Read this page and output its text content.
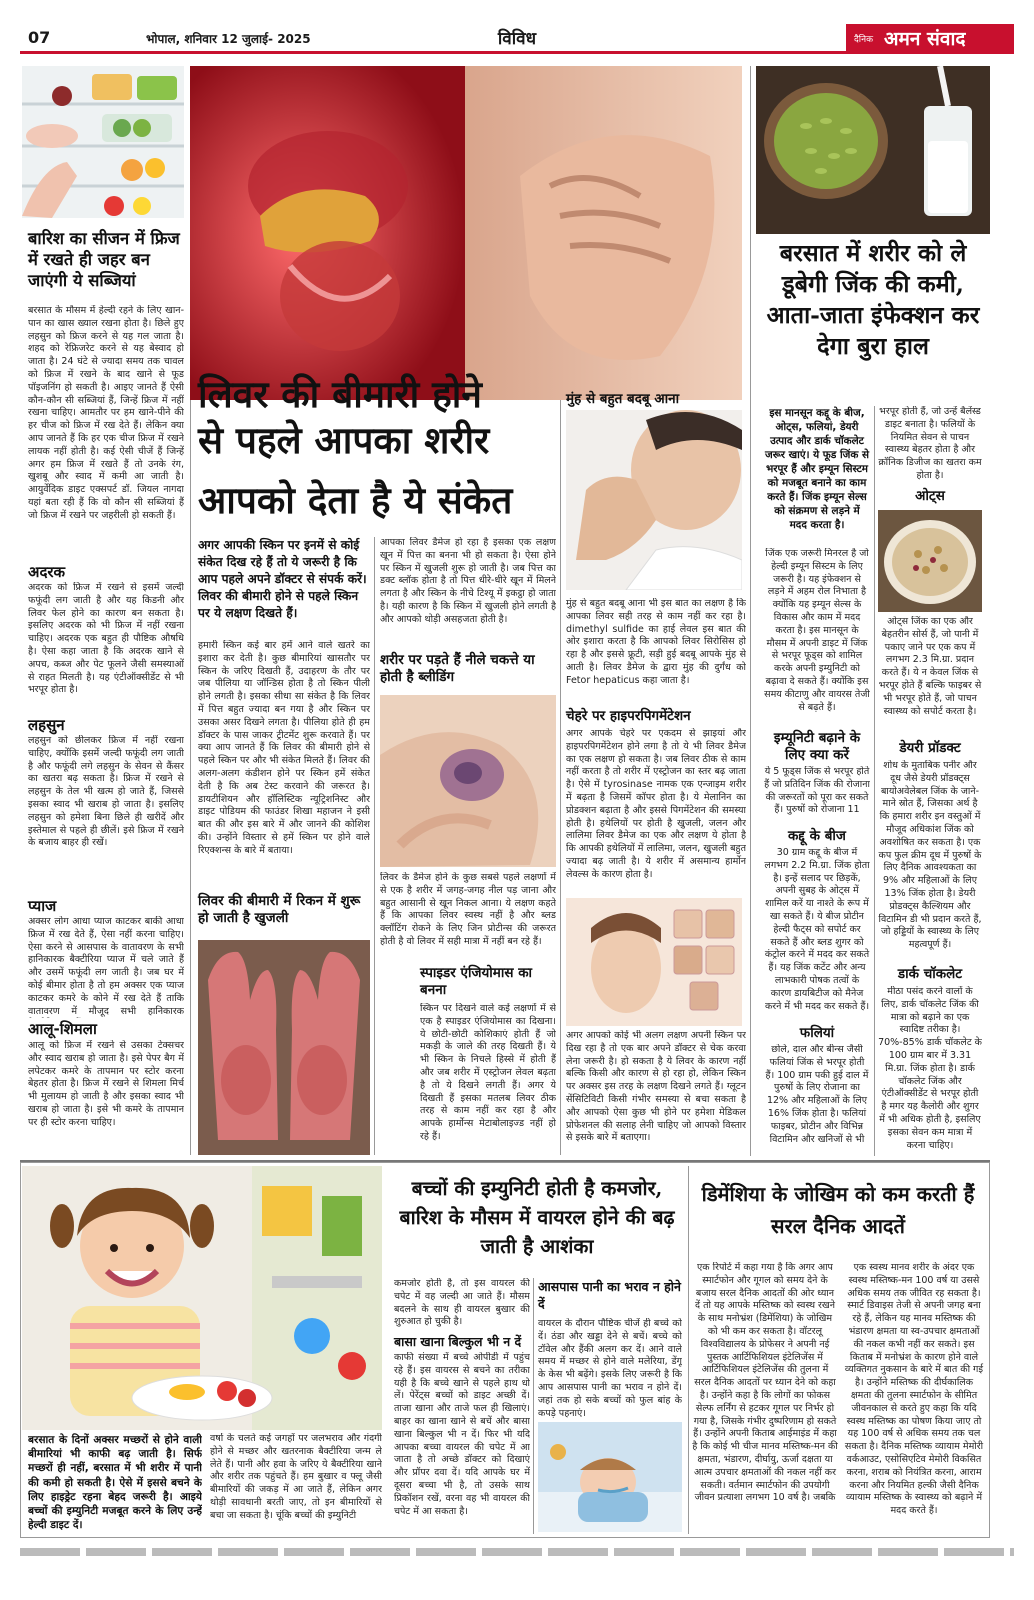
07	भोपाल, शनिवार 12 जुलाई- 2025	विविध	दैनिक अमन संवाद
बारिश का सीजन में फ्रिज में रखते ही जहर बन जाएंगी ये सब्जियां
बरसात के मौसम में हेल्दी रहने के लिए खान-पान का खास ख्याल रखना होता है। छिले हुए लहसुन को फ्रिज करने से यह गल जाता है। शहद को रेफ्रिजरेट करने से यह बेस्वाद हो जाता है। 24 घंटे से ज्यादा समय तक चावल को फ्रिज में रखने के बाद खाने से फूड पॉइजनिंग हो सकती है। आइए जानते हैं ऐसी कौन-कौन सी सब्जियां हैं, जिन्हें फ्रिज में नहीं रखना चाहिए। आमतौर पर हम खाने-पीने की हर चीज को फ्रिज में रख देते हैं। लेकिन क्या आप जानते हैं कि हर एक चीज फ्रिज में रखने लायक नहीं होती है। कई ऐसी चीजें हैं जिन्हें अगर हम फ्रिज में रखते हैं तो उनके रंग, खुशबू और स्वाद में कमी आ जाती है। आयुर्वेदिक डाइट एक्सपर्ट डॉ. जियल नागदा यहां बता रही हैं कि वो कौन सी सब्जियां हैं जो फ्रिज में रखने पर जहरीली हो सकती हैं।
अदरक
अदरक को फ्रिज में रखने से इसमें जल्दी फफूंदी लग जाती है और यह किडनी और लिवर फेल होने का कारण बन सकता है। इसलिए अदरक को भी फ्रिज में नहीं रखना चाहिए। अदरक एक बहुत ही पौष्टिक औषधि है। ऐसा कहा जाता है कि अदरक खाने से अपच, कब्ज और पेट फूलने जैसी समस्याओं से राहत मिलती है। यह एंटीऑक्सीडेंट से भी भरपूर होता है।
लहसुन
लहसुन को छीलकर फ्रिज में नहीं रखना चाहिए, क्योंकि इसमें जल्दी फफूंदी लग जाती है और फफूंदी लगे लहसुन के सेवन से कैंसर का खतरा बढ़ सकता है। फ्रिज में रखने से लहसुन के तेल भी खत्म हो जाते हैं, जिससे इसका स्वाद भी खराब हो जाता है। इसलिए लहसुन को हमेशा बिना छिले ही खरीदें और इस्तेमाल से पहले ही छीलें। इसे फ्रिज में रखने के बजाय बाहर ही रखें।
प्याज
अक्सर लोग आधा प्याज काटकर बाकी आधा फ्रिज में रख देते हैं, ऐसा नहीं करना चाहिए। ऐसा करने से आसपास के वातावरण के सभी हानिकारक बैक्टीरिया प्याज में चले जाते हैं और उसमें फफूंदी लग जाती है। जब घर में कोई बीमार होता है तो हम अक्सर एक प्याज काटकर कमरे के कोने में रख देते हैं ताकि वातावरण में मौजूद सभी हानिकारक
आलू-शिमला
आलू को फ्रिज में रखने से उसका टेक्सचर और स्वाद खराब हो जाता है। इसे पेपर बैग में लपेटकर कमरे के तापमान पर स्टोर करना बेहतर होता है। फ्रिज में रखने से शिमला मिर्च भी मुलायम हो जाती है और इसका स्वाद भी खराब हो जाता है। इसे भी कमरे के तापमान पर ही स्टोर करना चाहिए।
लिवर की बीमारी होने
से पहले आपका शरीर
आपको देता है ये संकेत
अगर आपकी स्किन पर इनमें से कोई संकेत दिख रहे हैं तो ये जरूरी है कि आप पहले अपने डॉक्टर से संपर्क करें। लिवर की बीमारी होने से पहले स्किन पर ये लक्षण दिखते हैं।
हमारी स्किन कई बार हमें आने वाले खतरे का इशारा कर देती है। कुछ बीमारियां खासतौर पर स्किन के जरिए दिखती हैं, उदाहरण के तौर पर जब पीलिया या जॉन्डिस होता है तो स्किन पीली होने लगती है। इसका सीधा सा संकेत है कि लिवर में पित्त बहुत ज्यादा बन गया है और स्किन पर उसका असर दिखने लगता है। पीलिया होते ही हम डॉक्टर के पास जाकर ट्रीटमेंट शुरू करवाते हैं। पर क्या आप जानते हैं कि लिवर की बीमारी होने से पहले स्किन पर और भी संकेत मिलते हैं। लिवर की अलग-अलग कंडीशन होने पर स्किन हमें संकेत देती है कि अब टेस्ट करवाने की जरूरत है। डायटीशियन और हॉलिस्टिक न्यूट्रिशनिस्ट और डाइट पोडियम की फाउंडर शिखा महाजन ने इसी बात की और इस बारे में और जानने की कोशिश की। उन्होंने विस्तार से हमें स्किन पर होने वाले रिएक्शन्स के बारे में बताया।
लिवर की बीमारी में रिकन में शुरू हो जाती है खुजली
आपका लिवर डैमेज हो रहा है इसका एक लक्षण खून में पित्त का बनना भी हो सकता है। ऐसा होने पर स्किन में खुजली शुरू हो जाती है। जब पित्त का डक्ट ब्लॉक होता है तो पित्त धीरे-धीरे खून में मिलने लगता है और स्किन के नीचे टिश्यू में इकट्ठा हो जाता है। यही कारण है कि स्किन में खुजली होने लगती है और आपको थोड़ी असहजता होती है।
शरीर पर पड़ते हैं नीले चकत्ते या होती है ब्लीडिंग
लिवर के डैमेज होने के कुछ सबसे पहले लक्षणों में से एक है शरीर में जगह-जगह नील पड़ जाना और बहुत आसानी से खून निकल आना। ये लक्षण कहते हैं कि आपका लिवर स्वस्थ नहीं है और ब्लड क्लॉटिंग रोकने के लिए जिन प्रोटीन्स की जरूरत होती है वो लिवर में सही मात्रा में नहीं बन रहे हैं।
स्पाइडर एंजियोमास का बनना
स्किन पर दिखने वाले कई लक्षणों में से एक है स्पाइडर एंजियोमास का दिखना। ये छोटी-छोटी कोशिकाएं होती हैं जो मकड़ी के जाले की तरह दिखती हैं। ये भी स्किन के निचले हिस्से में होती हैं और जब शरीर में एस्ट्रोजन लेवल बढ़ता है तो ये दिखने लगती हैं। अगर ये दिखती हैं इसका मतलब लिवर ठीक तरह से काम नहीं कर रहा है और आपके हार्मोन्स मेटाबोलाइज्ड नहीं हो रहे हैं।
मुंह से बहुत बदबू आना
मुंह से बहुत बदबू आना भी इस बात का लक्षण है कि आपका लिवर सही तरह से काम नहीं कर रहा है। dimethyl sulfide का हाई लेवल इस बात की ओर इशारा करता है कि आपको लिवर सिरोसिस हो रहा है और इससे फ्रूटी, सड़ी हुई बदबू आपके मुंह से आती है। लिवर डैमेज के द्वारा मुंह की दुर्गंध को Fetor hepaticus कहा जाता है।
चेहरे पर हाइपरपिगमेंटेशन
अगर आपके चेहरे पर एकदम से झाइयां और हाइपरपिगमेंटेशन होने लगा है तो ये भी लिवर डैमेज का एक लक्षण हो सकता है। जब लिवर ठीक से काम नहीं करता है तो शरीर में एस्ट्रोजन का स्तर बढ़ जाता है। ऐसे में tyrosinase नामक एक एन्जाइम शरीर में बढ़ता है जिसमें कॉपर होता है। ये मेलानिन का प्रोडक्शन बढ़ाता है और इससे पिगमेंटेशन की समस्या होती है। हथेलियों पर होती है खुजली, जलन और लालिमा लिवर डैमेज का एक और लक्षण ये होता है कि आपकी हथेलियों में लालिमा, जलन, खुजली बहुत ज्यादा बढ़ जाती है। ये शरीर में असमान्य हार्मोन लेवल्स के कारण होता है।
अगर आपको कोई भी अलग लक्षण अपनी स्किन पर दिख रहा है तो एक बार अपने डॉक्टर से चेक करवा लेना जरूरी है। हो सकता है ये लिवर के कारण नहीं बल्कि किसी और कारण से हो रहा हो, लेकिन स्किन पर अक्सर इस तरह के लक्षण दिखने लगते हैं। ग्लूटन सेंसिटिविटी किसी गंभीर समस्या से बचा सकता है और आपको ऐसा कुछ भी होने पर हमेशा मेडिकल प्रोफेशनल की सलाह लेनी चाहिए जो आपको विस्तार से इसके बारे में बताएगा।
बरसात में शरीर को ले डूबेगी जिंक की कमी, आता-जाता इंफेक्शन कर देगा बुरा हाल
इस मानसून कद्दू के बीज, ओट्स, फलियां, डेयरी उत्पाद और डार्क चॉकलेट जरूर खाएं। ये फूड जिंक से भरपूर हैं और इम्यून सिस्टम को मजबूत बनाने का काम करते हैं। जिंक इम्यून सेल्स को संक्रमण से लड़ने में मदद करता है।
जिंक एक जरूरी मिनरल है जो हेल्दी इम्यून सिस्टम के लिए जरूरी है। यह इंफेक्शन से लड़ने में अहम रोल निभाता है क्योंकि यह इम्यून सेल्स के विकास और काम में मदद करता है। इस मानसून के मौसम में अपनी डाइट में जिंक से भरपूर फूड्स को शामिल करके अपनी इम्युनिटी को बढ़ावा दे सकते हैं। क्योंकि इस समय कीटाणु और वायरस तेजी से बढ़ते हैं।
इम्यूनिटी बढ़ाने के लिए क्या करें
ये 5 फूड्स जिंक से भरपूर होते हैं जो प्रतिदिन जिंक की रोजाना की जरूरतों को पूरा कर सकते हैं। पुरुषों को रोजाना 11
कद्दू के बीज
30 ग्राम कद्दू के बीज में लगभग 2.2 मि.ग्रा. जिंक होता है। इन्हें सलाद पर छिड़कें, अपनी सुबह के ओट्स में शामिल करें या नाश्ते के रूप में खा सकते हैं। ये बीज प्रोटीन हेल्दी फैट्स को सपोर्ट कर सकते हैं और ब्लड शुगर को कंट्रोल करने में मदद कर सकते हैं। यह जिंक कटेंट और अन्य लाभकारी पोषक तत्वों के कारण डायबिटीज को मैनेज करने में भी मदद कर सकते हैं।
फलियां
छोले, दाल और बीन्स जैसी फलियां जिंक से भरपूर होती हैं। 100 ग्राम पकी हुई दाल में पुरुषों के लिए रोजाना का 12% और महिलाओं के लिए 16% जिंक होता है। फलियां फाइबर, प्रोटीन और विभिन्न विटामिन और खनिजों से भी
भरपूर होती हैं, जो उन्हें बैलेंस्ड डाइट बनाता है। फलियों के नियमित सेवन से पाचन स्वास्थ्य बेहतर होता है और क्रॉनिक डिजीज का खतरा कम होता है।
ओट्स
ओट्स जिंक का एक और बेहतरीन सोर्स हैं, जो पानी में पकाए जाने पर एक कप में लगभग 2.3 मि.ग्रा. प्रदान करते हैं। ये न केवल जिंक से भरपूर होते हैं बल्कि फाइबर से भी भरपूर होते हैं, जो पाचन स्वास्थ्य को सपोर्ट करता है।
डेयरी प्रॉडक्ट
शोध के मुताबिक पनीर और दूध जैसे डेयरी प्रॉडक्ट्स बायोअवेलेबल जिंक के जाने-माने स्रोत हैं, जिसका अर्थ है कि हमारा शरीर इन वस्तुओं में मौजूद अधिकांश जिंक को अवशोषित कर सकता है। एक कप फुल क्रीम दूध में पुरुषों के लिए दैनिक आवश्यकता का 9% और महिलाओं के लिए 13% जिंक होता है। डेयरी प्रोडक्ट्स कैल्शियम और विटामिन डी भी प्रदान करते हैं, जो हड्डियों के स्वास्थ्य के लिए महत्वपूर्ण हैं।
डार्क चॉकलेट
मीठा पसंद करने वालों के लिए, डार्क चॉकलेट जिंक की मात्रा को बढ़ाने का एक स्वादिष्ट तरीका है। 70%-85% डार्क चॉकलेट के 100 ग्राम बार में 3.31 मि.ग्रा. जिंक होता है। डार्क चॉकलेट जिंक और एंटीऑक्सीडेंट से भरपूर होती है मगर यह कैलोरी और शुगर में भी अधिक होती है, इसलिए इसका सेवन कम मात्रा में करना चाहिए।
बरसात के दिनों अक्सर मच्छरों से होने वाली बीमारियां भी काफी बढ़ जाती है। सिर्फ मच्छरों ही नहीं, बरसात में भी शरीर में पानी की कमी हो सकती है। ऐसे में इससे बचने के लिए हाइड्रेट रहना बेहद जरूरी है। आइये बच्चों की इम्युनिटी मजबूत करने के लिए उन्हें हेल्दी डाइट दें।
वर्षा के चलते कई जगहों पर जलभराव और गंदगी होने से मच्छर और खतरनाक बैक्टीरिया जन्म ले लेते हैं। पानी और हवा के जरिए ये बैक्टीरिया खाने और शरीर तक पहुंचते हैं। हम बुखार व फ्लू जैसी बीमारियों की जकड़ में आ जाते हैं, लेकिन अगर थोड़ी सावधानी बरती जाए, तो इन बीमारियों से बचा जा सकता है। चूंकि बच्चों की इम्युनिटी
बच्चों की इम्युनिटी होती है कमजोर, बारिश के मौसम में वायरल होने की बढ़ जाती है आशंका
कमजोर होती है, तो इस वायरल की चपेट में वह जल्दी आ जाते हैं। मौसम बदलने के साथ ही वायरल बुखार की शुरुआत हो चुकी है।
बासा खाना बिल्कुल भी न दें
काफी संख्या में बच्चे ओपीडी में पहुंच रहे हैं। इस वायरस से बचने का तरीका यही है कि बच्चे खाने से पहले हाथ धो लें। पेरेंट्स बच्चों को डाइट अच्छी दें। ताजा खाना और ताजे फल ही खिलाएं। बाहर का खाना खाने से बचें और बासा खाना बिल्कुल भी न दें। फिर भी यदि आपका बच्चा वायरल की चपेट में आ जाता है तो अच्छे डॉक्टर को दिखाएं और प्रॉपर दवा दें। यदि आपके घर में दूसरा बच्चा भी है, तो उसके साथ प्रिकॉशन रखें, वरना वह भी वायरल की चपेट में आ सकता है।
आसपास पानी का भराव न होने दें
वायरल के दौरान पौष्टिक चीजें ही बच्चे को दें। ठंडा और खड्डा देने से बचें। बच्चे को टॉवेल और हैंकी अलग कर दें। आने वाले समय में मच्छर से होने वाले मलेरिया, डेंगू के केस भी बढ़ेंगे। इसके लिए जरूरी है कि आप आसपास पानी का भराव न होने दें। जहां तक हो सके बच्चों को फुल बांह के कपड़े पहनाएं।
डिमेंशिया के जोखिम को कम करती हैं सरल दैनिक आदतें
एक रिपोर्ट में कहा गया है कि अगर आप स्मार्टफोन और गूगल को समय देने के बजाय सरल दैनिक आदतों की ओर ध्यान दें तो यह आपके मस्तिष्क को स्वस्थ रखने के साथ मनोभ्रंश (डिमेंशिया) के जोखिम को भी कम कर सकता है। वॉटरलू विश्वविद्यालय के प्रोफेसर ने अपनी नई पुस्तक आर्टिफिशियल इंटेलिजेंस में आर्टिफिशियल इंटेलिजेंस की तुलना में सरल दैनिक आदतों पर ध्यान देने को कहा है। उन्होंने कहा है कि लोगों का फोकस सेल्फ लर्निंग से हटकर गूगल पर निर्भर हो गया है, जिसके गंभीर दुष्परिणाम हो सकते हैं। उन्होंने अपनी किताब आईमाइंड में कहा है कि कोई भी चीज मानव मस्तिष्क-मन की क्षमता, भंडारण, दीर्घायु, ऊर्जा दक्षता या आत्म उपचार क्षमताओं की नकल नहीं कर सकती। वर्तमान स्मार्टफोन की उपयोगी जीवन प्रत्याशा लगभग 10 वर्ष है। जबकि
एक स्वस्थ मानव शरीर के अंदर एक स्वस्थ मस्तिष्क-मन 100 वर्ष या उससे अधिक समय तक जीवित रह सकता है। स्मार्ट डिवाइस तेजी से अपनी जगह बना रहे हैं, लेकिन यह मानव मस्तिष्क की भंडारण क्षमता या स्व-उपचार क्षमताओं की नकल कभी नहीं कर सकते। इस किताब में मनोभ्रंश के कारण होने वाले व्यक्तिगत नुकसान के बारे में बात की गई है। उन्होंने मस्तिष्क की दीर्घकालिक क्षमता की तुलना स्मार्टफोन के सीमित जीवनकाल से करते हुए कहा कि यदि स्वस्थ मस्तिष्क का पोषण किया जाए तो यह 100 वर्ष से अधिक समय तक चल सकता है। दैनिक मस्तिष्क व्यायाम मेमोरी वर्कआउट, एसोसिएटिव मेमोरी विकसित करना, शराब को नियंत्रित करना, आराम करना और नियमित हल्की जैसी दैनिक व्यायाम मस्तिष्क के स्वास्थ्य को बढ़ाने में मदद करते हैं।
